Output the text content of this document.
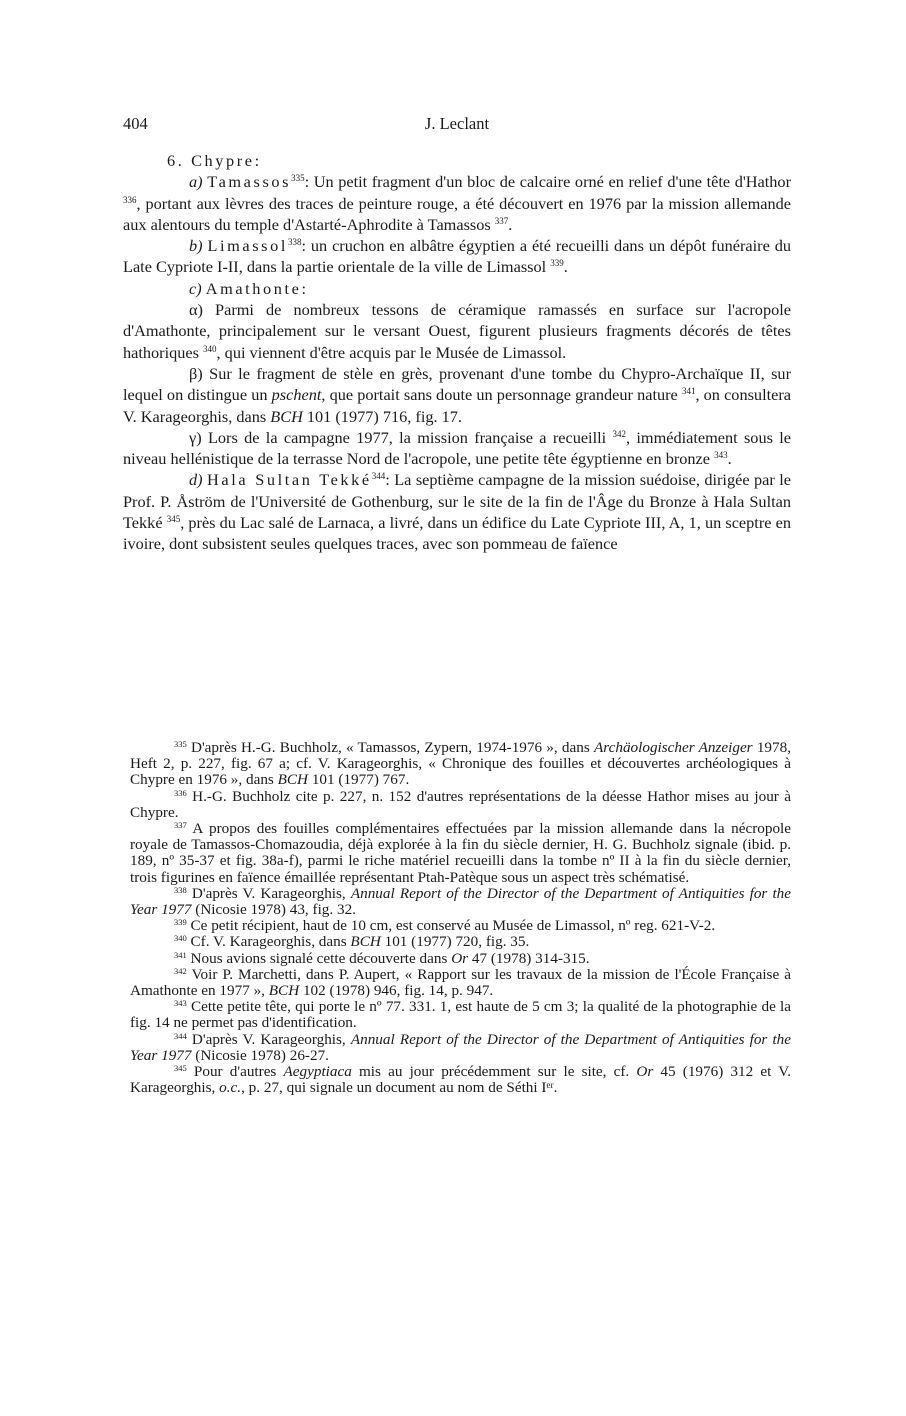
404	J. Leclant

6. Chypre:

a) Tamassos$^{335}$: Un petit fragment d'un bloc de calcaire orné en relief d'une tête d'Hathor $^{336}$, portant aux lèvres des traces de peinture rouge, a été découvert en 1976 par la mission allemande aux alentours du temple d'Astarté-Aphrodite à Tamassos $^{337}$.

b) Limassol$^{338}$: un cruchon en albâtre égyptien a été recueilli dans un dépôt funéraire du Late Cypriote I-II, dans la partie orientale de la ville de Limassol $^{339}$.

c) Amathonte:

α) Parmi de nombreux tessons de céramique ramassés en surface sur l'acropole d'Amathonte, principalement sur le versant Ouest, figurent plusieurs fragments décorés de têtes hathoriques $^{340}$, qui viennent d'être acquis par le Musée de Limassol.

β) Sur le fragment de stèle en grès, provenant d'une tombe du Chypro-Archaïque II, sur lequel on distingue un pschent, que portait sans doute un personnage grandeur nature $^{341}$, on consultera V. Karageorghis, dans BCH 101 (1977) 716, fig. 17.

γ) Lors de la campagne 1977, la mission française a recueilli $^{342}$, immédiatement sous le niveau hellénistique de la terrasse Nord de l'acropole, une petite tête égyptienne en bronze $^{343}$.

d) Hala Sultan Tekké$^{344}$: La septième campagne de la mission suédoise, dirigée par le Prof. P. Åström de l'Université de Gothenburg, sur le site de la fin de l'Âge du Bronze à Hala Sultan Tekké $^{345}$, près du Lac salé de Larnaca, a livré, dans un édifice du Late Cypriote III, A, 1, un sceptre en ivoire, dont subsistent seules quelques traces, avec son pommeau de faïence

$^{335}$ D'après H.-G. Buchholz, « Tamassos, Zypern, 1974-1976 », dans Archäologischer Anzeiger 1978, Heft 2, p. 227, fig. 67 a; cf. V. Karageorghis, « Chronique des fouilles et découvertes archéologiques à Chypre en 1976 », dans BCH 101 (1977) 767.

$^{336}$ H.-G. Buchholz cite p. 227, n. 152 d'autres représentations de la déesse Hathor mises au jour à Chypre.

$^{337}$ A propos des fouilles complémentaires effectuées par la mission allemande dans la nécropole royale de Tamassos-Chomazoudia, déjà explorée à la fin du siècle dernier, H. G. Buchholz signale (ibid. p. 189, nº 35-37 et fig. 38a-f), parmi le riche matériel recueilli dans la tombe nº II à la fin du siècle dernier, trois figurines en faïence émaillée représentant Ptah-Patèque sous un aspect très schématisé.

$^{338}$ D'après V. Karageorghis, Annual Report of the Director of the Department of Antiquities for the Year 1977 (Nicosie 1978) 43, fig. 32.

$^{339}$ Ce petit récipient, haut de 10 cm, est conservé au Musée de Limassol, nº reg. 621-V-2.

$^{340}$ Cf. V. Karageorghis, dans BCH 101 (1977) 720, fig. 35.

$^{341}$ Nous avions signalé cette découverte dans Or 47 (1978) 314-315.

$^{342}$ Voir P. Marchetti, dans P. Aupert, « Rapport sur les travaux de la mission de l'École Française à Amathonte en 1977 », BCH 102 (1978) 946, fig. 14, p. 947.

$^{343}$ Cette petite tête, qui porte le nº 77. 331. 1, est haute de 5 cm 3; la qualité de la photographie de la fig. 14 ne permet pas d'identification.

$^{344}$ D'après V. Karageorghis, Annual Report of the Director of the Department of Antiquities for the Year 1977 (Nicosie 1978) 26-27.

$^{345}$ Pour d'autres Aegyptiaca mis au jour précédemment sur le site, cf. Or 45 (1976) 312 et V. Karageorghis, o.c., p. 27, qui signale un document au nom de Séthi Iᵉʳ.
